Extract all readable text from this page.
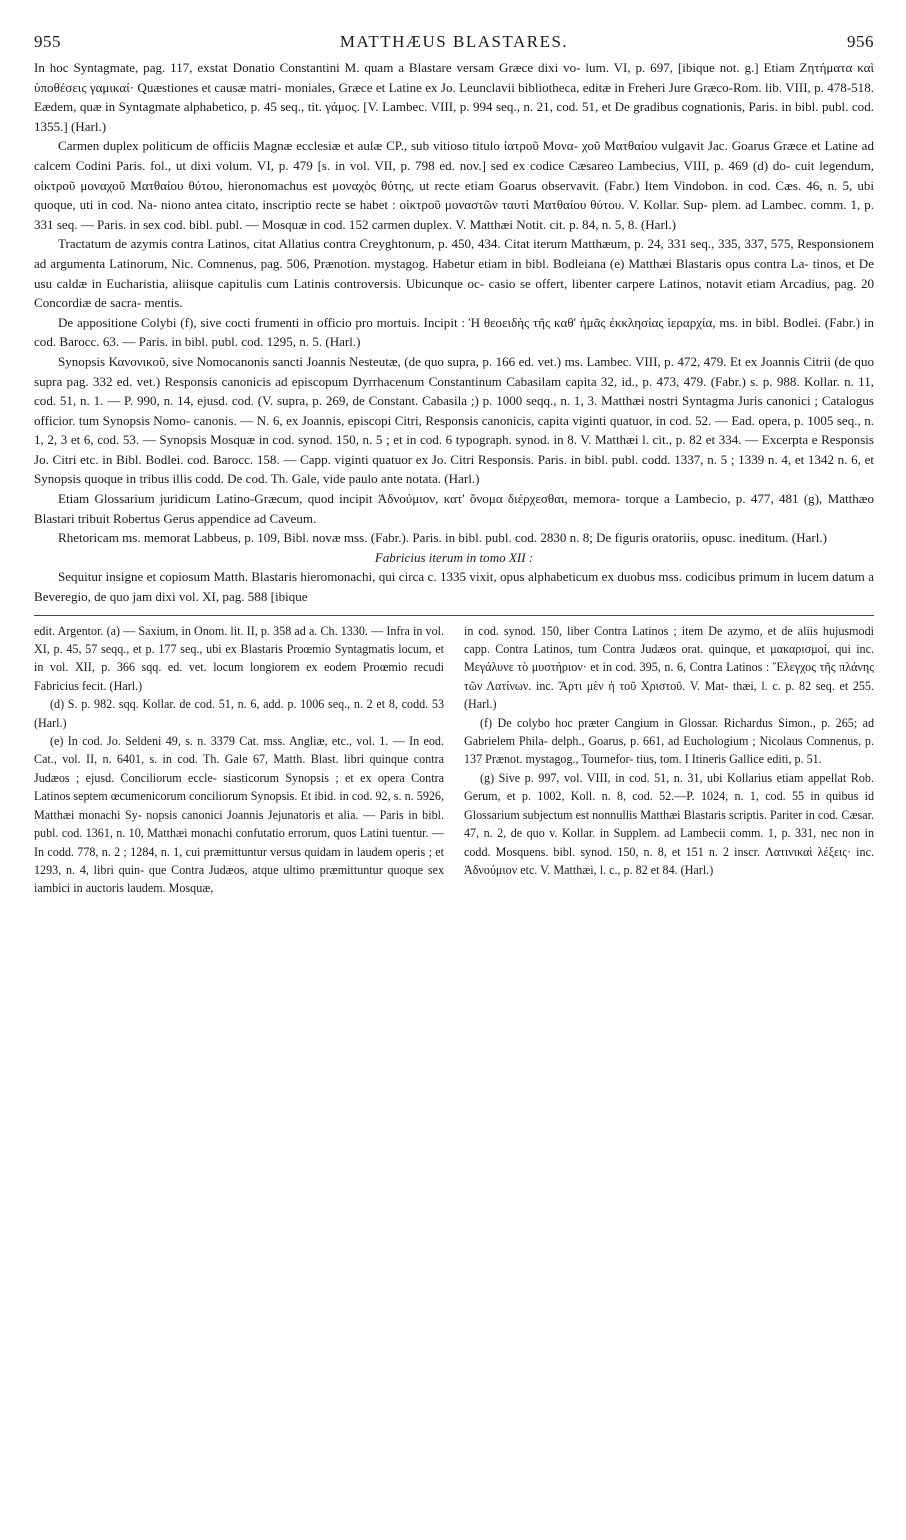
955	MATTHÆUS BLASTARES.	956

In hoc Syntagmate, pag. 117, exstat Donatio Constantini M. quam a Blastare versam Græce dixi vo- lum. VI, p. 697, [ibique not. g.] Etiam Ζητήματα καὶ ὑποθέσεις γαμικαί· Quæstiones et causæ matri- moniales, Græce et Latine ex Jo. Leunclavii bibliotheca, editæ in Freheri Jure Græco-Rom. lib. VIII, p. 478-518. Eædem, quæ in Syntagmate alphabetico, p. 45 seq., tit. γάμος. [V. Lambec. VIII, p. 994 seq., n. 21, cod. 51, et De gradibus cognationis, Paris. in bibl. publ. cod. 1355.] (Harl.)

Carmen duplex politicum de officiis Magnæ ecclesiæ et aulæ CP., sub vitioso titulo ἰατροῦ Μονα- χοῦ Ματθαίου vulgavit Jac. Goarus Græce et Latine ad calcem Codini Paris. fol., ut dixi volum. VI, p. 479 [s. in vol. VII, p. 798 ed. nov.] sed ex codice Cæsareo Lambecius, VIII, p. 469 (d) do- cuit legendum, οἰκτροῦ μοναχοῦ Ματθαίου θύτου, hieronomachus est μοναχὸς θύτης, ut recte etiam Goarus observavit. (Fabr.) Item Vindobon. in cod. Cæs. 46, n. 5, ubi quoque, uti in cod. Na- niono antea citato, inscriptio recte se habet : οἰκτροῦ μοναστῶν ταυτὶ Ματθαίου θύτου. V. Kollar. Sup- plem. ad Lambec. comm. 1, p. 331 seq. — Paris. in sex cod. bibl. publ. — Mosquæ in cod. 152 carmen duplex. V. Matthæi Notit. cit. p. 84, n. 5, 8. (Harl.)

Tractatum de azymis contra Latinos, citat Allatius contra Creyghtonum, p. 450, 434. Citat iterum Matthæum, p. 24, 331 seq., 335, 337, 575, Responsionem ad argumenta Latinorum, Nic. Comnenus, pag. 506, Prænotion. mystagog. Habetur etiam in bibl. Bodleiana (e) Matthæi Blastaris opus contra La- tinos, et De usu caldæ in Eucharistia, aliisque capitulis cum Latinis controversis. Ubicunque oc- casio se offert, libenter carpere Latinos, notavit etiam Arcadius, pag. 20 Concordiæ de sacra- mentis.

De appositione Colybi (f), sive cocti frumenti in officio pro mortuis. Incipit : Ἡ θεοειδὴς τῆς καθ' ἡμᾶς ἐκκλησίας ἱεραρχία, ms. in bibl. Bodlei. (Fabr.) in cod. Barocc. 63. — Paris. in bibl. publ. cod. 1295, n. 5. (Harl.)

Synopsis Κανονικοῦ, sive Nomocanonis sancti Joannis Nesteutæ, (de quo supra, p. 166 ed. vet.) ms. Lambec. VIII, p. 472, 479. Et ex Joannis Citrii (de quo supra pag. 332 ed. vet.) Responsis canonicis ad episcopum Dyrrhacenum Constantinum Cabasilam capita 32, id., p. 473, 479. (Fabr.) s. p. 988. Kollar. n. 11, cod. 51, n. 1. — P. 990, n. 14, ejusd. cod. (V. supra, p. 269, de Constant. Cabasila ;) p. 1000 seqq., n. 1, 3. Matthæi nostri Syntagma Juris canonici ; Catalogus officior. tum Synopsis Nomo- canonis. — N. 6, ex Joannis, episcopi Citri, Responsis canonicis, capita viginti quatuor, in cod. 52. — Ead. opera, p. 1005 seq., n. 1, 2, 3 et 6, cod. 53. — Synopsis Mosquæ in cod. synod. 150, n. 5 ; et in cod. 6 typograph. synod. in 8. V. Matthæi l. cit., p. 82 et 334. — Excerpta e Responsis Jo. Citri etc. in Bibl. Bodlei. cod. Barocc. 158. — Capp. viginti quatuor ex Jo. Citri Responsis. Paris. in bibl. publ. codd. 1337, n. 5 ; 1339 n. 4, et 1342 n. 6, et Synopsis quoque in tribus illis codd. De cod. Th. Gale, vide paulo ante notata. (Harl.)

Etiam Glossarium juridicum Latino-Græcum, quod incipit Ἀδνούμιον, κατ' ὄνομα διέρχεσθαι, memora- torque a Lambecio, p. 477, 481 (g), Matthæo Blastari tribuit Robertus Gerus appendice ad Caveum.

Rhetoricam ms. memorat Labbeus, p. 109, Bibl. novæ mss. (Fabr.). Paris. in bibl. publ. cod. 2830 n. 8; De figuris oratoriis, opusc. ineditum. (Harl.)

Fabricius iterum in tomo XII :

Sequitur insigne et copiosum Matth. Blastaris hieromonachi, qui circa c. 1335 vixit, opus alphabeticum ex duobus mss. codicibus primum in lucem datum a Beveregio, de quo jam dixi vol. XI, pag. 588 [ibique

edit. Argentor. (a) — Saxium, in Onom. lit. II, p. 358 ad a. Ch. 1330. — Infra in vol. XI, p. 45, 57 seqq., et p. 177 seq., ubi ex Blastaris Proœmio Syntagmatis locum, et in vol. XII, p. 366 sqq. ed. vet. locum longiorem ex eodem Proœmio recudi Fabricius fecit. (Harl.)

(d) S. p. 982. sqq. Kollar. de cod. 51, n. 6, add. p. 1006 seq., n. 2 et 8, codd. 53 (Harl.)

(e) In cod. Jo. Seldeni 49, s. n. 3379 Cat. mss. Angliæ, etc., vol. 1. — In eod. Cat., vol. II, n. 6401, s. in cod. Th. Gale 67, Matth. Blast. libri quinque contra Judæos ; ejusd. Conciliorum eccle- siasticorum Synopsis ; et ex opera Contra Latinos septem œcumenicorum conciliorum Synopsis. Et ibid. in cod. 92, s. n. 5926, Matthæi monachi Sy- nopsis canonici Joannis Jejunatoris et alia. — Paris in bibl. publ. cod. 1361, n. 10, Matthæi monachi confutatio errorum, quos Latini tuentur. — In codd. 778, n. 2 ; 1284, n. 1, cui præmittuntur versus quidam in laudem operis ; et 1293, n. 4, libri quin- que Contra Judæos, atque ultimo præmittuntur quoque sex iambici in auctoris laudem. Mosquæ,

in cod. synod. 150, liber Contra Latinos ; item De azymo, et de aliis hujusmodi capp. Contra Latinos, tum Contra Judæos orat. quinque, et μακαρισμοί, qui inc. Μεγάλυνε τὸ μυστήριον· et in cod. 395, n. 6, Contra Latinos : Ἔλεγχος τῆς πλάνης τῶν Λατίνων. inc. Ἄρτι μὲν ἡ τοῦ Χριστοῦ. V. Mat- thæi, l. c. p. 82 seq. et 255. (Harl.)

(f) De colybo hoc præter Cangium in Glossar. Richardus Simon., p. 265; ad Gabrielem Phila- delph., Goarus, p. 661, ad Euchologium ; Nicolaus Comnenus, p. 137 Prænot. mystagog., Tournefor- tius, tom. I Itineris Gallice editi, p. 51.

(g) Sive p. 997, vol. VIII, in cod. 51, n. 31, ubi Kollarius etiam appellat Rob. Gerum, et p. 1002, Koll. n. 8, cod. 52.—P. 1024, n. 1, cod. 55 in quibus id Glossarium subjectum est nonnullis Matthæi Blastaris scriptis. Pariter in cod. Cæsar. 47, n. 2, de quo v. Kollar. in Supplem. ad Lambecii comm. 1, p. 331, nec non in codd. Mosquens. bibl. synod. 150, n. 8, et 151 n. 2 inscr. Λατινικαὶ λέξεις· inc. Ἀδνούμιον etc. V. Matthæi, l. c., p. 82 et 84. (Harl.)
